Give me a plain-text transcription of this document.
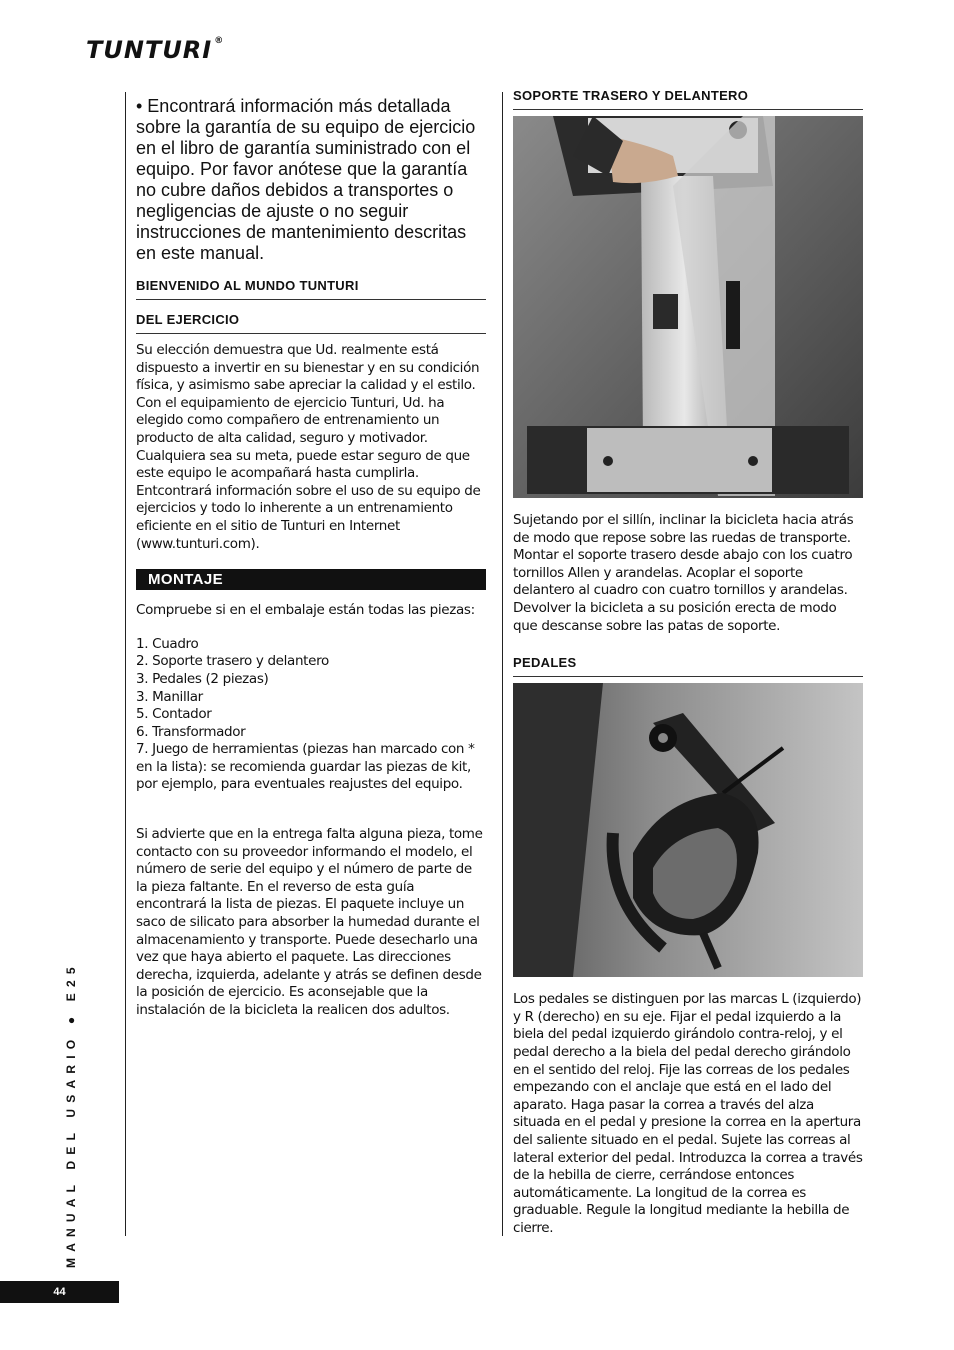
TUNTURI ®

• Encontrará información más detallada sobre la garantía de su equipo de ejercicio en el libro de garantía suministrado con el equipo. Por favor anótese que la garantía no cubre daños debidos a transportes o negligencias de ajuste o no seguir instrucciones de mantenimiento descritas en este manual.

BIENVENIDO AL MUNDO TUNTURI
DEL EJERCICIO

Su elección demuestra que Ud. realmente está dispuesto a invertir en su bienestar y en su condición física, y asimismo sabe apreciar la calidad y el estilo. Con el equipamiento de ejercicio Tunturi, Ud. ha elegido como compañero de entrenamiento un producto de alta calidad, seguro y motivador. Cualquiera sea su meta, puede estar seguro de que este equipo le acompañará hasta cumplirla. Entcontrará información sobre el uso de su equipo de ejercicios y todo lo inherente a un entrenamiento eficiente en el sitio de Tunturi en Internet (www.tunturi.com).

MONTAJE

Compruebe si en el embalaje están todas las piezas:

1. Cuadro
2. Soporte trasero y delantero
3. Pedales (2 piezas)
3. Manillar
5. Contador
6. Transformador
7. Juego de herramientas (piezas han marcado con * en la lista): se recomienda guardar las piezas de kit, por ejemplo, para eventuales reajustes del equipo.

Si advierte que en la entrega falta alguna pieza, tome contacto con su proveedor informando el modelo, el número de serie del equipo y el número de parte de la pieza faltante. En el reverso de esta guía encontrará la lista de piezas. El paquete incluye un saco de silicato para absorber la humedad durante el almacenamiento y transporte. Puede desecharlo una vez que haya abierto el paquete. Las direcciones derecha, izquierda, adelante y atrás se definen desde la posición de ejercicio. Es aconsejable que la instalación de la bicicleta la realicen dos adultos.

SOPORTE TRASERO Y DELANTERO

Sujetando por el sillín, inclinar la bicicleta hacia atrás de modo que repose sobre las ruedas de transporte. Montar el soporte trasero desde abajo con los cuatro tornillos Allen y arandelas. Acoplar el soporte delantero al cuadro con cuatro tornillos y arandelas. Devolver la bicicleta a su posición erecta de modo que descanse sobre las patas de soporte.

PEDALES

Los pedales se distinguen por las marcas L (izquierdo) y R (derecho) en su eje. Fijar el pedal izquierdo a la biela del pedal izquierdo girándolo contra-reloj, y el pedal derecho a la biela del pedal derecho girándolo en el sentido del reloj. Fije las correas de los pedales empezando con el anclaje que está en el lado del aparato. Haga pasar la correa a través del alza situada en el pedal y presione la correa en la apertura del saliente situado en el pedal. Sujete las correas al lateral exterior del pedal. Introduzca la correa a través de la hebilla de cierre, cerrándose entonces automáticamente. La longitud de la correa es graduable. Regule la longitud mediante la hebilla de cierre.

MANUAL DEL USARIO ● E25
44
